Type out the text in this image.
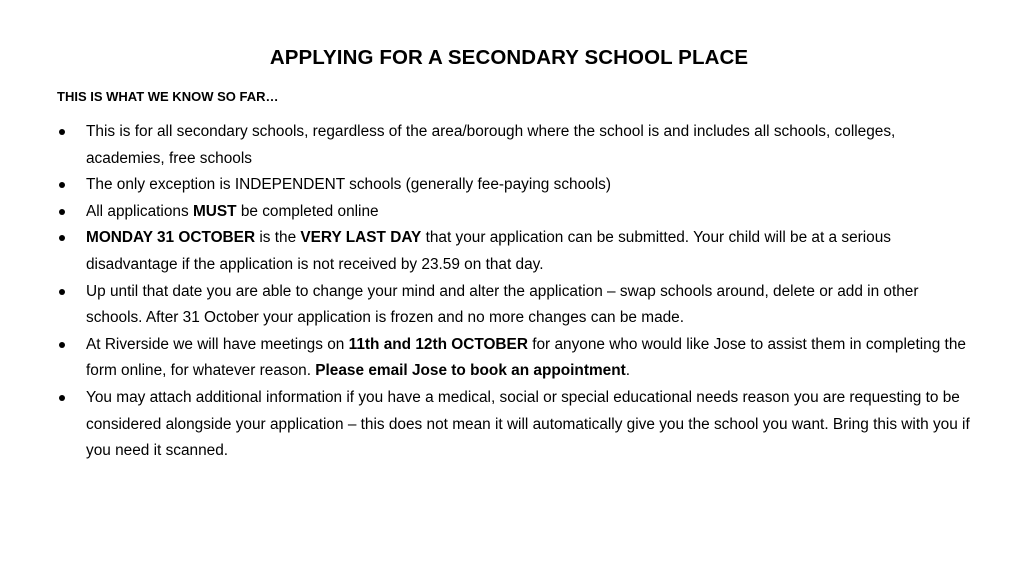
APPLYING FOR A SECONDARY SCHOOL PLACE
THIS IS WHAT WE KNOW SO FAR…
This is for all secondary schools, regardless of the area/borough where the school is and includes all schools, colleges, academies, free schools
The only exception is INDEPENDENT schools (generally fee-paying schools)
All applications MUST be completed online
MONDAY 31 OCTOBER is the VERY LAST DAY that your application can be submitted. Your child will be at a serious disadvantage if the application is not received by 23.59 on that day.
Up until that date you are able to change your mind and alter the application – swap schools around, delete or add in other schools. After 31 October your application is frozen and no more changes can be made.
At Riverside we will have meetings on 11th and 12th OCTOBER for anyone who would like Jose to assist them in completing the form online, for whatever reason. Please email Jose to book an appointment.
You may attach additional information if you have a medical, social or special educational needs reason you are requesting to be considered alongside your application – this does not mean it will automatically give you the school you want. Bring this with you if you need it scanned.
